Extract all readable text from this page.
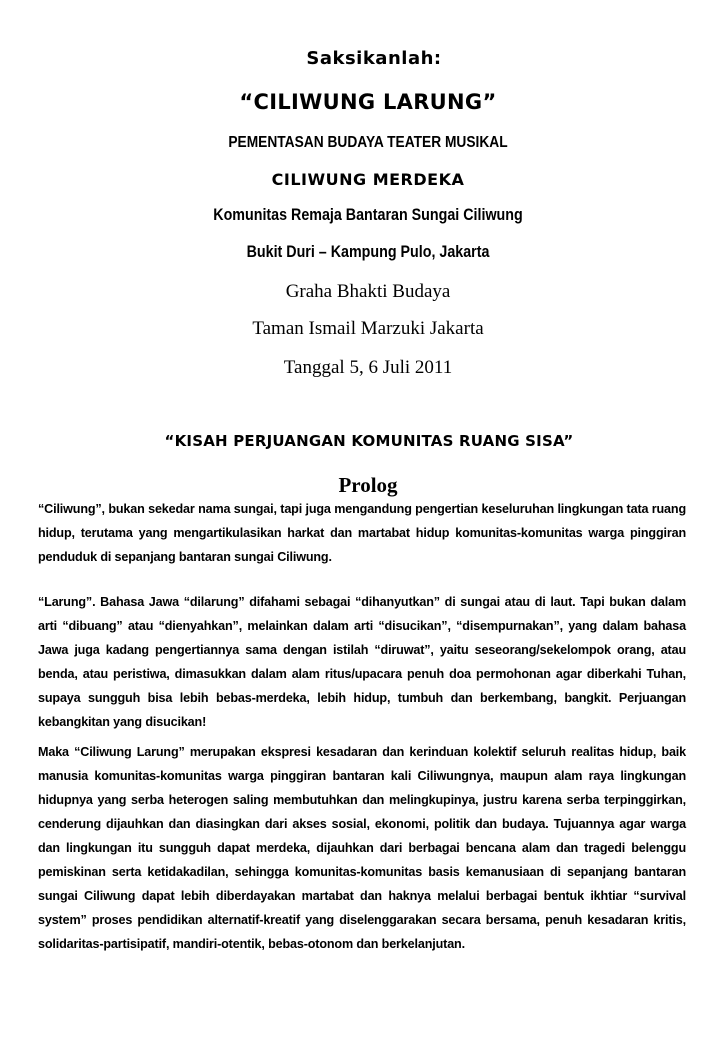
Saksikanlah:
“CILIWUNG LARUNG”
PEMENTASAN BUDAYA TEATER MUSIKAL
CILIWUNG MERDEKA
Komunitas Remaja Bantaran Sungai Ciliwung
Bukit Duri – Kampung Pulo, Jakarta
Graha Bhakti Budaya
Taman Ismail Marzuki Jakarta
Tanggal 5, 6 Juli 2011
“KISAH PERJUANGAN KOMUNITAS RUANG SISA”
Prolog
“Ciliwung”, bukan sekedar nama sungai, tapi juga mengandung pengertian keseluruhan lingkungan tata ruang hidup, terutama yang mengartikulasikan harkat dan martabat hidup komunitas-komunitas warga pinggiran penduduk di sepanjang bantaran sungai Ciliwung.
“Larung”. Bahasa Jawa “dilarung” difahami sebagai “dihanyutkan” di sungai atau di laut. Tapi bukan dalam arti “dibuang” atau “dienyahkan”, melainkan dalam arti “disucikan”, “disempurnakan”, yang dalam bahasa Jawa juga kadang pengertiannya sama dengan istilah “diruwat”, yaitu seseorang/sekelompok orang, atau benda, atau peristiwa, dimasukkan dalam alam ritus/upacara penuh doa permohonan agar diberkahi Tuhan, supaya sungguh bisa lebih bebas-merdeka, lebih hidup, tumbuh dan berkembang, bangkit. Perjuangan kebangkitan yang disucikan!
Maka “Ciliwung Larung” merupakan ekspresi kesadaran dan kerinduan kolektif seluruh realitas hidup, baik manusia komunitas-komunitas warga pinggiran bantaran kali Ciliwungnya, maupun alam raya lingkungan hidupnya yang serba heterogen saling membutuhkan dan melingkupinya, justru karena serba terpinggirkan, cenderung dijauhkan dan diasingkan dari akses sosial, ekonomi, politik dan budaya. Tujuannya agar warga dan lingkungan itu sungguh dapat merdeka, dijauhkan dari berbagai bencana alam dan tragedi belenggu pemiskinan serta ketidakadilan, sehingga komunitas-komunitas basis kemanusiaan di sepanjang bantaran sungai Ciliwung dapat lebih diberdayakan martabat dan haknya melalui berbagai bentuk ikhtiar “survival system” proses pendidikan alternatif-kreatif yang diselenggarakan secara bersama, penuh kesadaran kritis, solidaritas-partisipatif, mandiri-otentik, bebas-otonom dan berkelanjutan.
